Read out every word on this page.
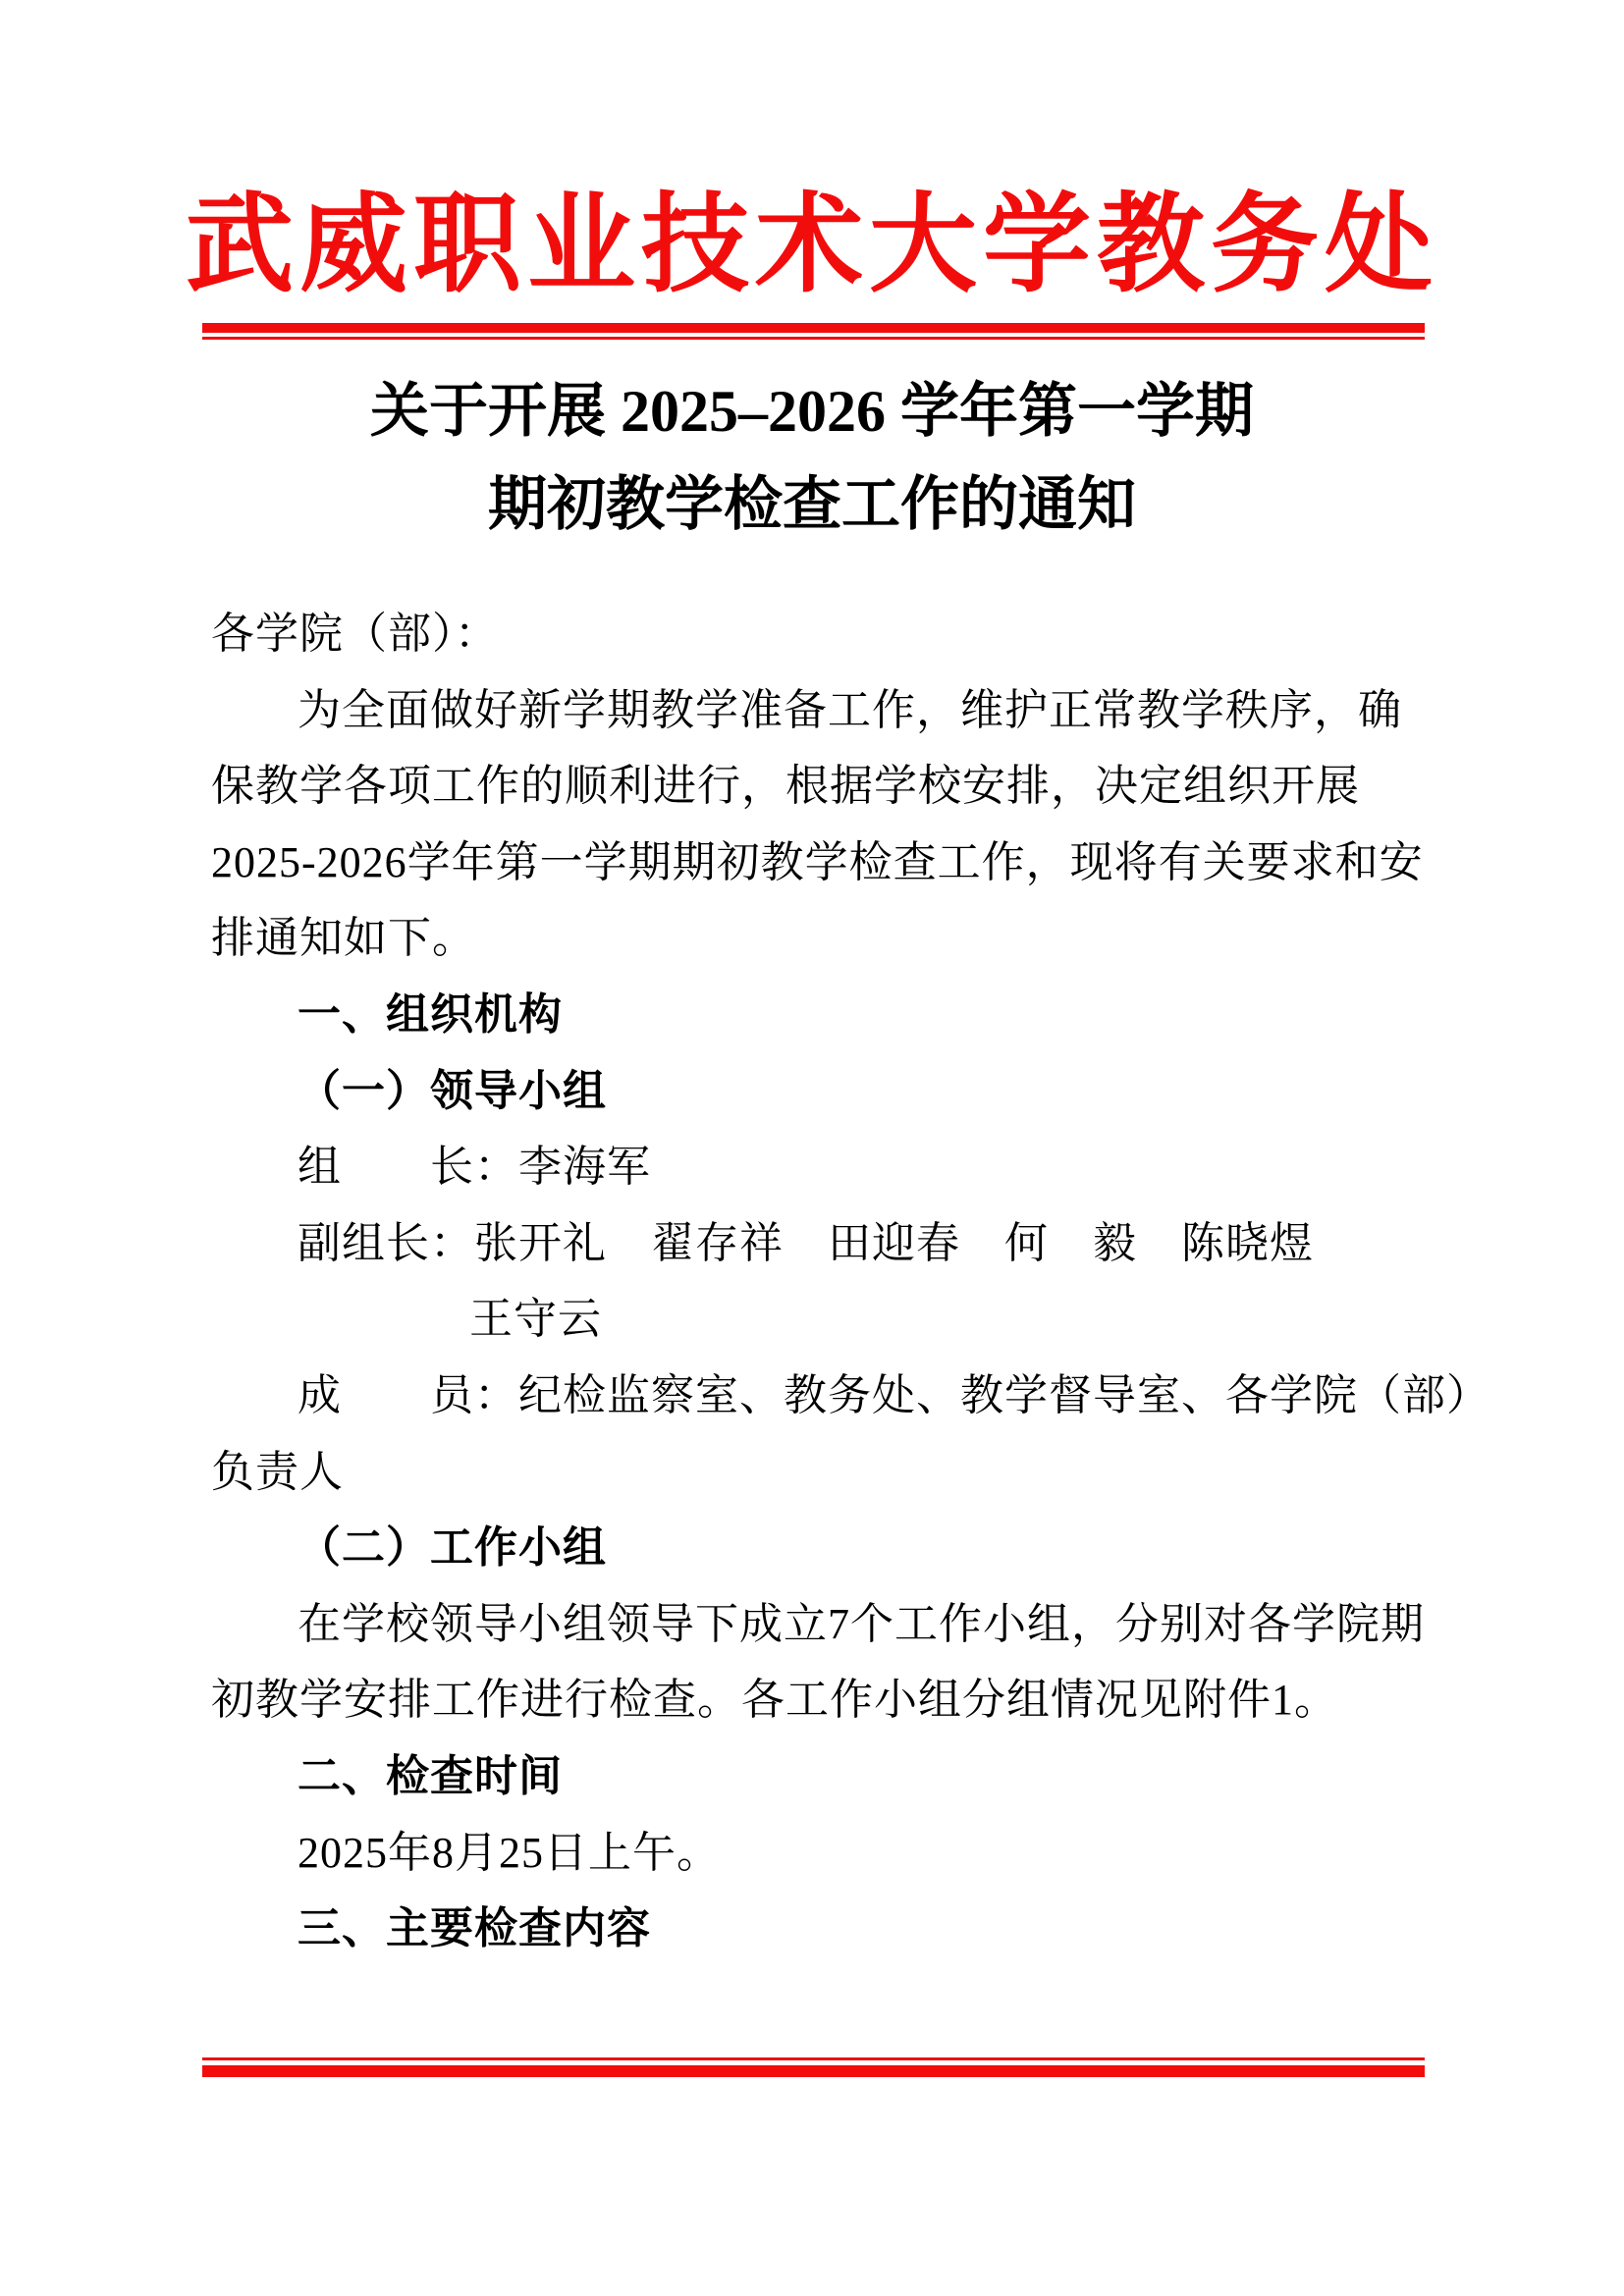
武威职业技术大学教务处
关于开展 2025–2026 学年第一学期
期初教学检查工作的通知
各学院（部）：
为全面做好新学期教学准备工作，维护正常教学秩序，确
保教学各项工作的顺利进行，根据学校安排，决定组织开展
2025-2026学年第一学期期初教学检查工作，现将有关要求和安
排通知如下。
一、组织机构
（一）领导小组
组　　长：李海军
副组长：张开礼　翟存祥　田迎春　何　毅　陈晓煜
王守云
成　　员：纪检监察室、教务处、教学督导室、各学院（部）
负责人
（二）工作小组
在学校领导小组领导下成立7个工作小组，分别对各学院期
初教学安排工作进行检查。各工作小组分组情况见附件1。
二、检查时间
2025年8月25日上午。
三、主要检查内容
